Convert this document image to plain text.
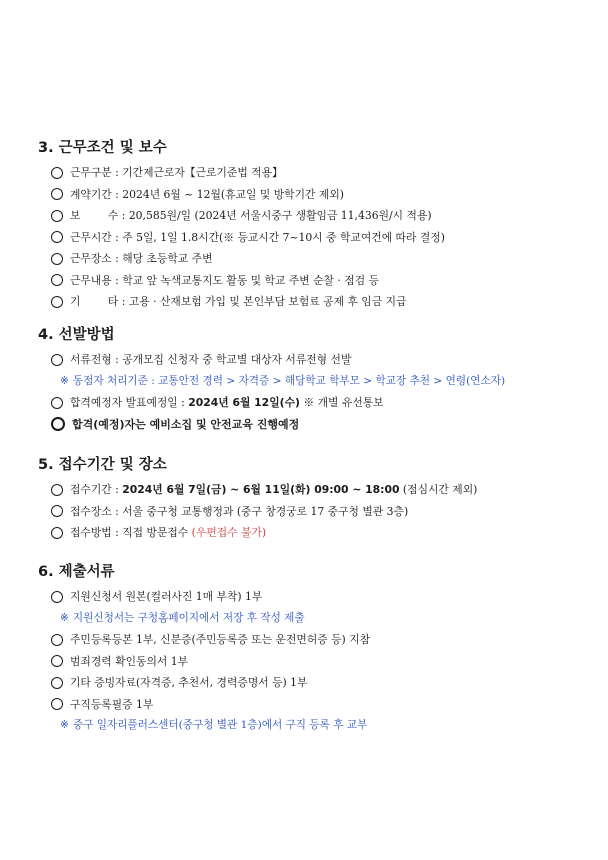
3. 근무조건 및 보수
근무구분 : 기간제근로자【근로기준법 적용】
계약기간 : 2024년 6월 ~ 12월(휴교일 및 방학기간 제외)
보        수 : 20,585원/일 (2024년 서울시중구 생활임금 11,436원/시 적용)
근무시간 : 주 5일, 1일 1.8시간(※ 등교시간 7~10시 중 학교여건에 따라 결정)
근무장소 : 해당 초등학교 주변
근무내용 : 학교 앞 녹색교통지도 활동 및 학교 주변 순찰 · 점검 등
기        타 : 고용 · 산재보험 가입 및 본인부담 보험료 공제 후 임금 지급
4. 선발방법
서류전형 : 공개모집 신청자 중 학교별 대상자 서류전형 선발
※ 동점자 처리기준 : 교통안전 경력 > 자격증 > 해당학교 학부모 > 학교장 추천 > 연령(연소자)
합격예정자 발표예정일 : 2024년 6월 12일(수) ※ 개별 유선통보
합격(예정)자는 예비소집 및 안전교육 진행예정
5. 접수기간 및 장소
접수기간 : 2024년 6월 7일(금) ~ 6월 11일(화) 09:00 ~ 18:00 (점심시간 제외)
접수장소 : 서울 중구청 교통행정과 (중구 창경궁로 17 중구청 별관 3층)
접수방법 : 직접 방문접수 (우편접수 불가)
6. 제출서류
지원신청서 원본(컬러사진 1매 부착) 1부
※ 지원신청서는 구청홈페이지에서 저장 후 작성 제출
주민등록등본 1부, 신분증(주민등록증 또는 운전면허증 등) 지참
범죄경력 확인동의서 1부
기타 증빙자료(자격증, 추천서, 경력증명서 등) 1부
구직등록필증 1부
※ 중구 일자리플러스센터(중구청 별관 1층)에서 구직 등록 후 교부
